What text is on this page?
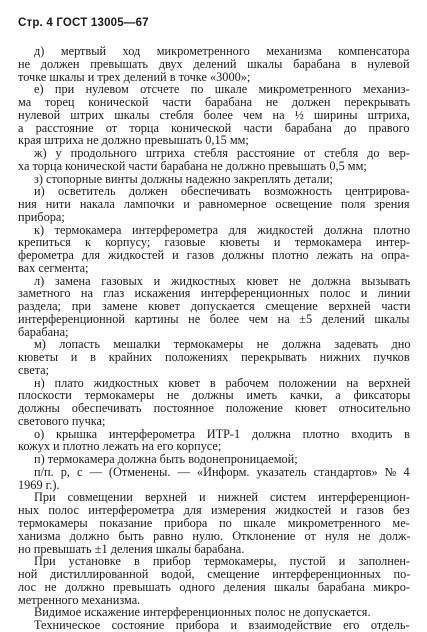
Стр. 4 ГОСТ 13005—67
д) мертвый ход микрометренного механизма компенсатора
не должен превышать двух делений шкалы барабана в нулевой
точке шкалы и трех делений в точке «3000»;
е) при нулевом отсчете по шкале микрометренного механиз-
ма торец конической части барабана не должен перекрывать
нулевой штрих шкалы стебля более чем на ½ ширины штриха,
а расстояние от торца конической части барабана до правого
края штриха не должно превышать 0,15 мм;
ж) у продольного штриха стебля расстояние от стебля до вер-
ха торца конической части барабана не должно превышать 0,5 мм;
з) стопорные винты должны надежно закреплять детали;
и) осветитель должен обеспечивать возможность центрирова-
ния нити накала лампочки и равномерное освещение поля зрения
прибора;
к) термокамера интерферометра для жидкостей должна плотно
крепиться к корпусу; газовые кюветы и термокамера интер-
ферометра для жидкостей и газов должны плотно лежать на опра-
вах сегмента;
л) замена газовых и жидкостных кювет не должна вызывать
заметного на глаз искажения интерференционных полос и линии
раздела; при замене кювет допускается смещение верхней части
интерференционной картины не более чем на ±5 делений шкалы
барабана;
м) лопасть мешалки термокамеры не должна задевать дно
кюветы и в крайних положениях перекрывать нижних пучков
света;
н) плато жидкостных кювет в рабочем положении на верхней
плоскости термокамеры не должны иметь качки, а фиксаторы
должны обеспечивать постоянное положение кювет относительно
светового пучка;
о) крышка интерферометра ИТР-1 должна плотно входить в
кожух и плотно лежать на его корпусе;
п) термокамера должна быть водонепроницаемой;
п/п. р, с — (Отменены. — «Информ. указатель стандартов» № 4
1969 г.).
При совмещении верхней и нижней систем интерференцион-
ных полос интерферометра для измерения жидкостей и газов без
термокамеры показание прибора по шкале микрометренного ме-
ханизма должно быть равно нулю. Отклонение от нуля не долж-
но превышать ±1 деления шкалы барабана.
При установке в прибор термокамеры, пустой и заполнен-
ной дистиллированной водой, смещение интерференционных по-
лос не должно превышать одного деления шкалы барабана микро-
метренного механизма.
Видимое искажение интерференционных полос не допускается.
Техническое состояние прибора и взаимодействие его отдель-
